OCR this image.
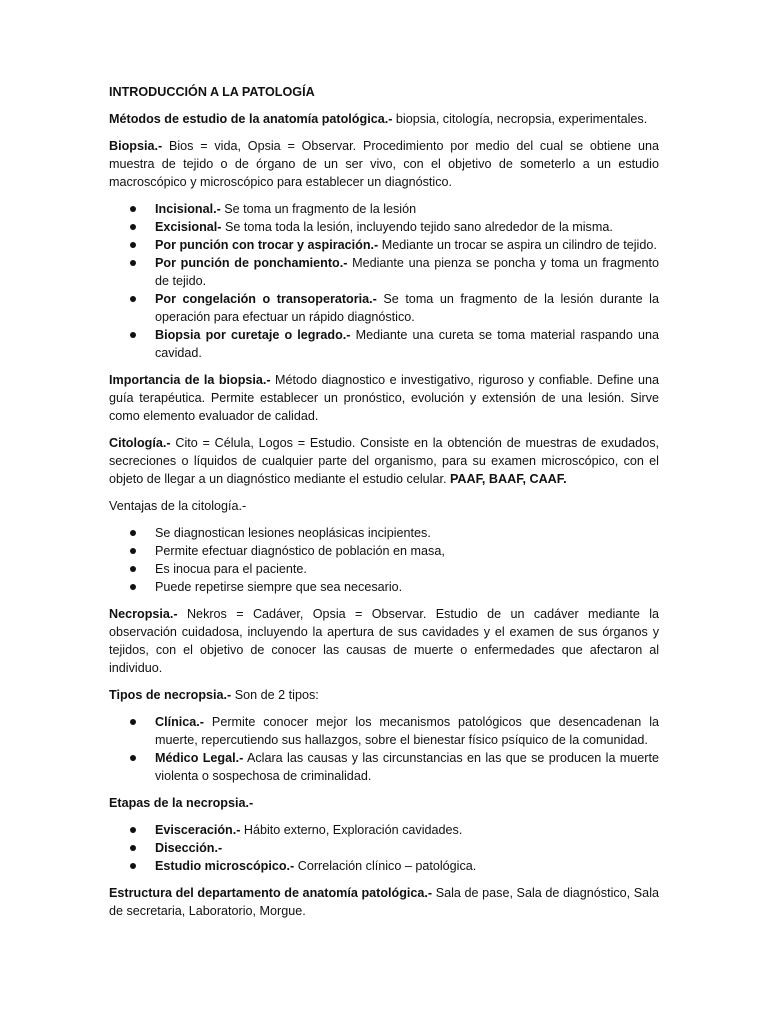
INTRODUCCIÓN A LA PATOLOGÍA

Métodos de estudio de la anatomía patológica.- biopsia, citología, necropsia, experimentales.

Biopsia.- Bios = vida, Opsia = Observar. Procedimiento por medio del cual se obtiene una muestra de tejido o de órgano de un ser vivo, con el objetivo de someterlo a un estudio macroscópico y microscópico para establecer un diagnóstico.

Incisional.- Se toma un fragmento de la lesión
Excisional- Se toma toda la lesión, incluyendo tejido sano alrededor de la misma.
Por punción con trocar y aspiración.- Mediante un trocar se aspira un cilindro de tejido.
Por punción de ponchamiento.- Mediante una pienza se poncha y toma un fragmento de tejido.
Por congelación o transoperatoria.- Se toma un fragmento de la lesión durante la operación para efectuar un rápido diagnóstico.
Biopsia por curetaje o legrado.- Mediante una cureta se toma material raspando una cavidad.

Importancia de la biopsia.- Método diagnostico e investigativo, riguroso y confiable. Define una guía terapéutica. Permite establecer un pronóstico, evolución y extensión de una lesión. Sirve como elemento evaluador de calidad.

Citología.- Cito = Célula, Logos = Estudio. Consiste en la obtención de muestras de exudados, secreciones o líquidos de cualquier parte del organismo, para su examen microscópico, con el objeto de llegar a un diagnóstico mediante el estudio celular. PAAF, BAAF, CAAF.

Ventajas de la citología.-

Se diagnostican lesiones neoplásicas incipientes.
Permite efectuar diagnóstico de población en masa,
Es inocua para el paciente.
Puede repetirse siempre que sea necesario.

Necropsia.- Nekros = Cadáver, Opsia = Observar. Estudio de un cadáver mediante la observación cuidadosa, incluyendo la apertura de sus cavidades y el examen de sus órganos y tejidos, con el objetivo de conocer las causas de muerte o enfermedades que afectaron al individuo.

Tipos de necropsia.- Son de 2 tipos:

Clínica.- Permite conocer mejor los mecanismos patológicos que desencadenan la muerte, repercutiendo sus hallazgos, sobre el bienestar físico psíquico de la comunidad.
Médico Legal.- Aclara las causas y las circunstancias en las que se producen la muerte violenta o sospechosa de criminalidad.

Etapas de la necropsia.-

Evisceración.- Hábito externo, Exploración cavidades.
Disección.-
Estudio microscópico.- Correlación clínico – patológica.

Estructura del departamento de anatomía patológica.- Sala de pase, Sala de diagnóstico, Sala de secretaria, Laboratorio, Morgue.
